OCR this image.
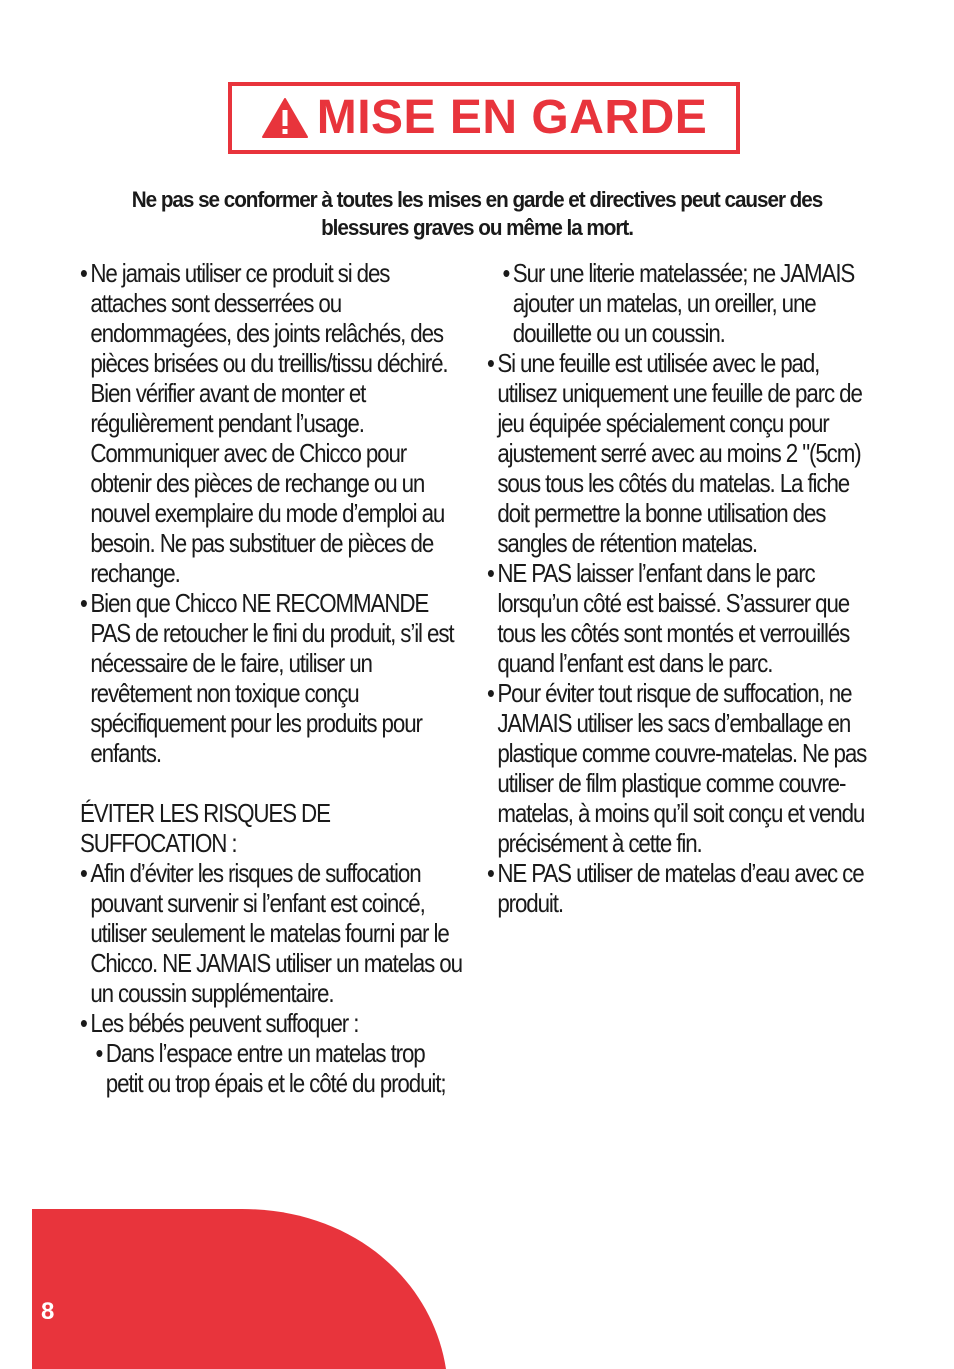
MISE EN GARDE
Ne pas se conformer à toutes les mises en garde et directives peut causer des blessures graves ou même la mort.
• Ne jamais utiliser ce produit si des attaches sont desserrées ou endommagées, des joints relâchés, des pièces brisées ou du treillis/tissu déchiré. Bien vérifier avant de monter et régulièrement pendant l’usage. Communiquer avec de Chicco pour obtenir des pièces de rechange ou un nouvel exemplaire du mode d’emploi au besoin. Ne pas substituer de pièces de rechange.
• Bien que Chicco NE RECOMMANDE PAS de retoucher le fini du produit, s’il est nécessaire de le faire, utiliser un revêtement non toxique conçu spécifiquement pour les produits pour enfants.
ÉVITER LES RISQUES DE SUFFOCATION :
• Afin d’éviter les risques de suffocation pouvant survenir si l’enfant est coincé, utiliser seulement le matelas fourni par le Chicco. NE JAMAIS utiliser un matelas ou un coussin supplémentaire.
• Les bébés peuvent suffoquer :
• Dans l’espace entre un matelas trop petit ou trop épais et le côté du produit;
• Sur une literie matelassée; ne JAMAIS ajouter un matelas, un oreiller, une douillette ou un coussin.
• Si une feuille est utilisée avec le pad, utilisez uniquement une feuille de parc de jeu équipée spécialement conçu pour ajustement serré avec au moins 2 "(5cm) sous tous les côtés du matelas. La fiche doit permettre la bonne utilisation des sangles de rétention matelas.
• NE PAS laisser l’enfant dans le parc lorsqu’un côté est baissé. S’assurer que tous les côtés sont montés et verrouillés quand l’enfant est dans le parc.
• Pour éviter tout risque de suffocation, ne JAMAIS utiliser les sacs d’emballage en plastique comme couvre-matelas. Ne pas utiliser de film plastique comme couvre-matelas, à moins qu’il soit conçu et vendu précisément à cette fin.
• NE PAS utiliser de matelas d’eau avec ce produit.
8
